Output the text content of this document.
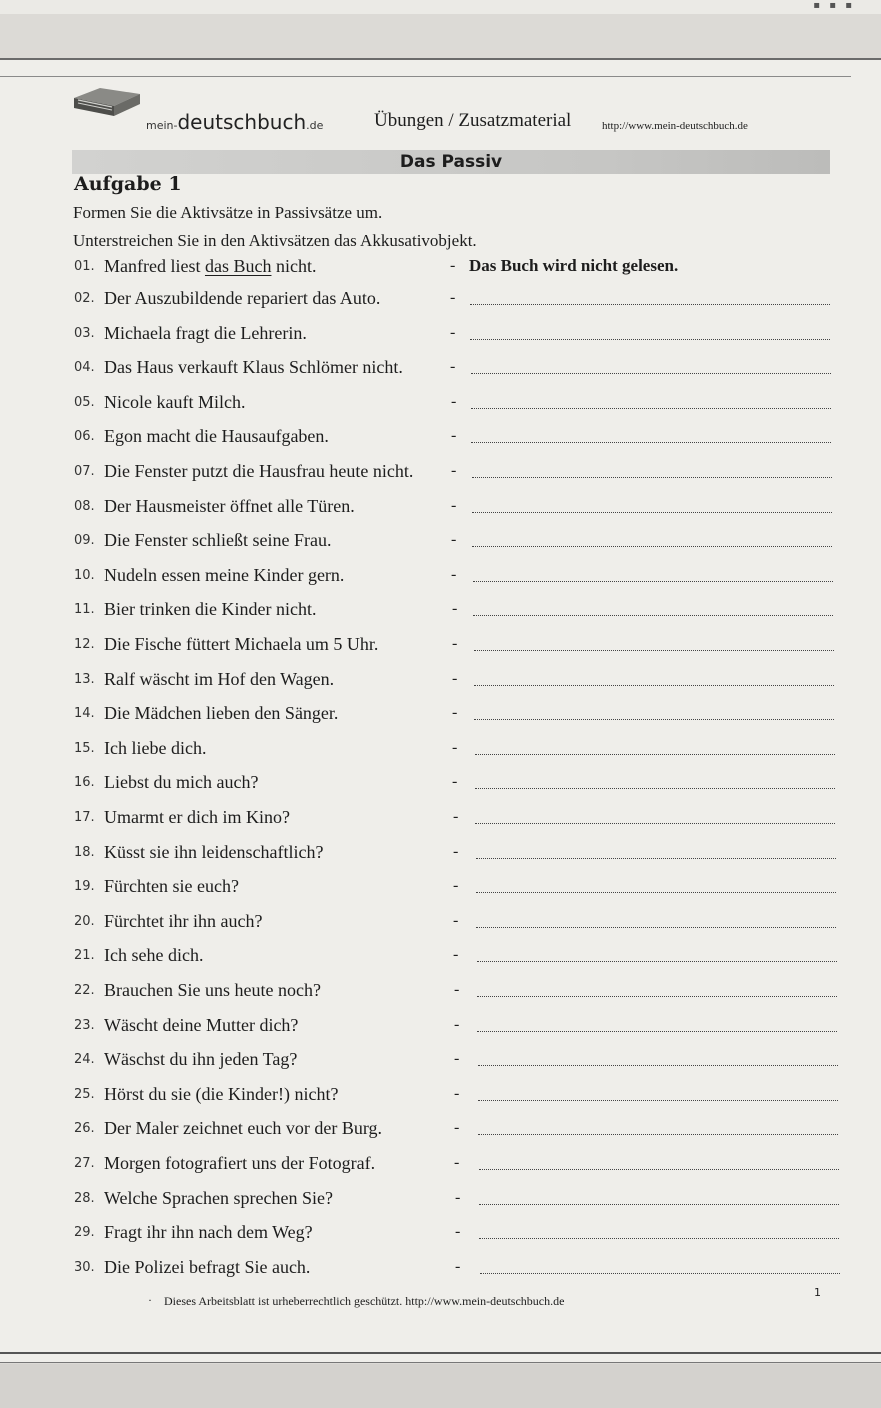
▪ ▪ ▪
mein-deutschbuch.de	Übungen / Zusatzmaterial	http://www.mein-deutschbuch.de
Das Passiv
Aufgabe 1
Formen Sie die Aktivsätze in Passivsätze um.
Unterstreichen Sie in den Aktivsätzen das Akkusativobjekt.
01. Manfred liest das Buch nicht.	- Das Buch wird nicht gelesen.
02. Der Auszubildende repariert das Auto.	-
03. Michaela fragt die Lehrerin.	-
04. Das Haus verkauft Klaus Schlömer nicht.	-
05. Nicole kauft Milch.	-
06. Egon macht die Hausaufgaben.	-
07. Die Fenster putzt die Hausfrau heute nicht. -
08. Der Hausmeister öffnet alle Türen.	-
09. Die Fenster schließt seine Frau.	-
10. Nudeln essen meine Kinder gern.	-
11. Bier trinken die Kinder nicht.	-
12. Die Fische füttert Michaela um 5 Uhr.	-
13. Ralf wäscht im Hof den Wagen.	-
14. Die Mädchen lieben den Sänger.	-
15. Ich liebe dich.	-
16. Liebst du mich auch?	-
17. Umarmt er dich im Kino?	-
18. Küsst sie ihn leidenschaftlich?	-
19. Fürchten sie euch?	-
20. Fürchtet ihr ihn auch?	-
21. Ich sehe dich.	-
22. Brauchen Sie uns heute noch?	-
23. Wäscht deine Mutter dich?	-
24. Wäschst du ihn jeden Tag?	-
25. Hörst du sie (die Kinder!) nicht?	-
26. Der Maler zeichnet euch vor der Burg.	-
27. Morgen fotografiert uns der Fotograf.	-
28. Welche Sprachen sprechen Sie?	-
29. Fragt ihr ihn nach dem Weg?	-
30. Die Polizei befragt Sie auch.	-
· Dieses Arbeitsblatt ist urheberrechtlich geschützt. http://www.mein-deutschbuch.de
1
